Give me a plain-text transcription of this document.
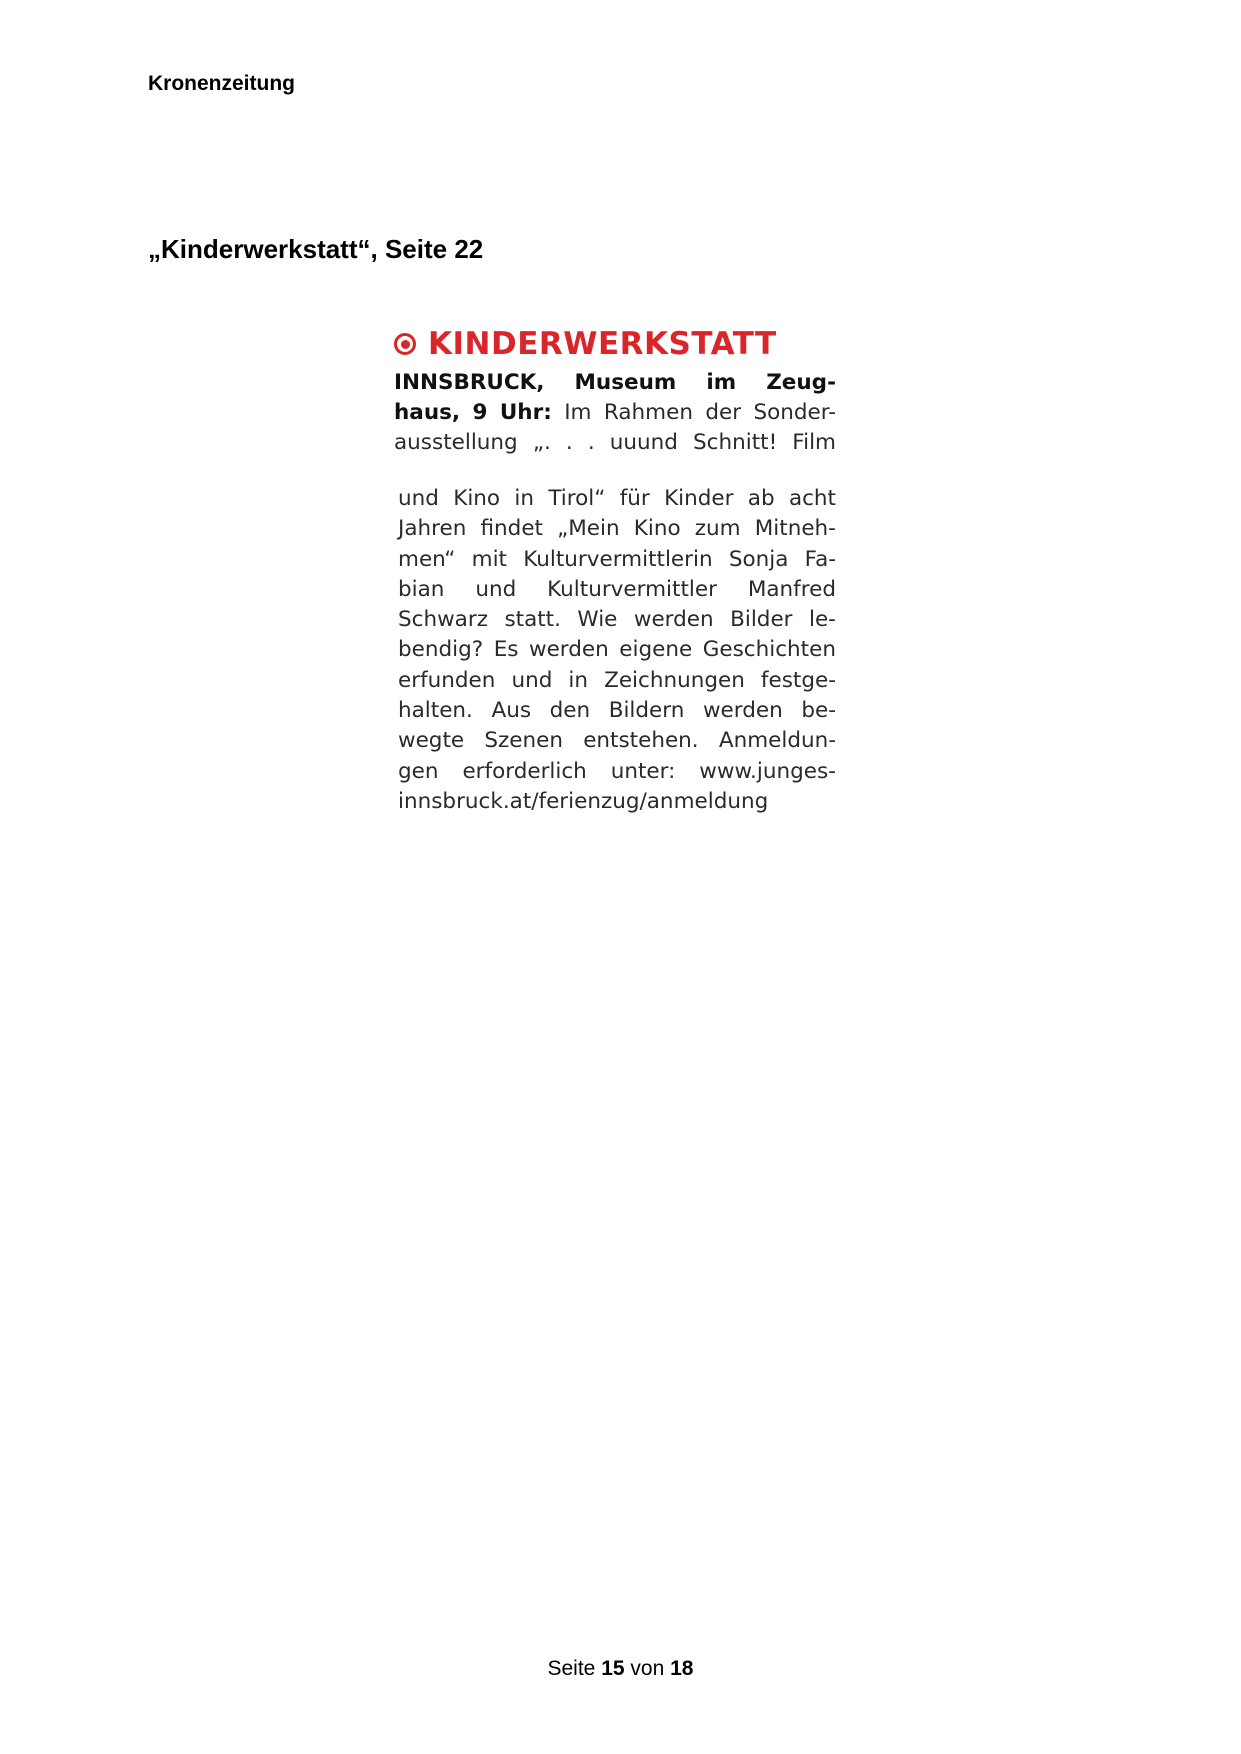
Kronenzeitung
„Kinderwerkstatt“, Seite 22
KINDERWERKSTATT
INNSBRUCK, Museum im Zeug-
haus, 9 Uhr: Im Rahmen der Sonder-
ausstellung „. . . uuund Schnitt! Film
und Kino in Tirol“ für Kinder ab acht
Jahren findet „Mein Kino zum Mitneh-
men“ mit Kulturvermittlerin Sonja Fa-
bian und Kulturvermittler Manfred
Schwarz statt. Wie werden Bilder le-
bendig? Es werden eigene Geschichten
erfunden und in Zeichnungen festge-
halten. Aus den Bildern werden be-
wegte Szenen entstehen. Anmeldun-
gen erforderlich unter: www.junges-
innsbruck.at/ferienzug/anmeldung
Seite 15 von 18
